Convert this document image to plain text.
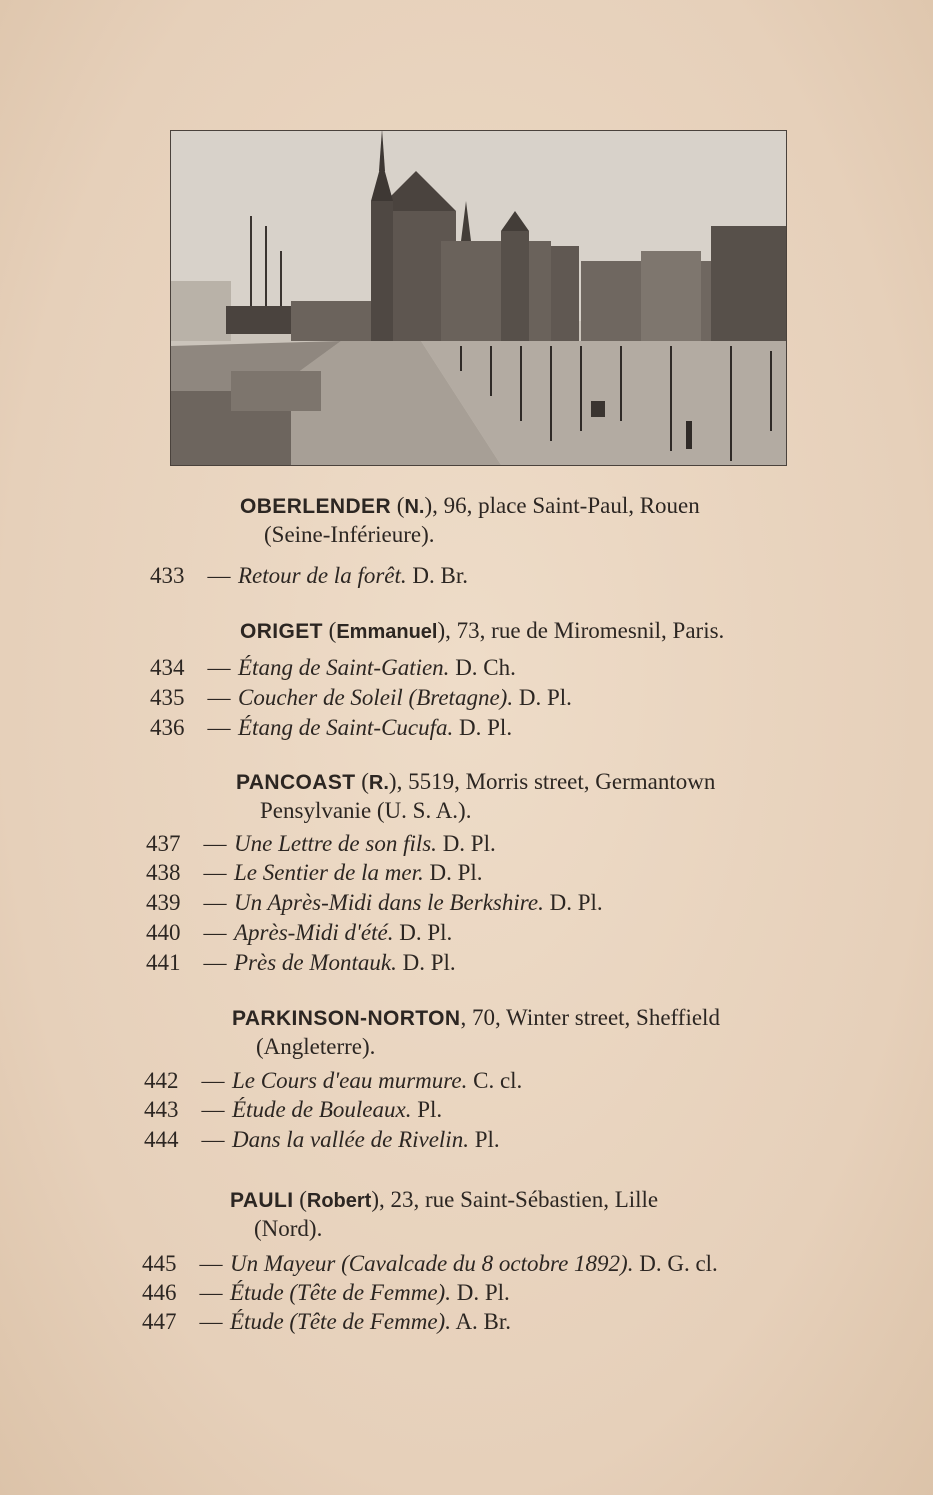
OBERLENDER (N.), 96, place Saint-Paul, Rouen
(Seine-Inférieure).
433 — Retour de la forêt. D. Br.
ORIGET (Emmanuel), 73, rue de Miromesnil, Paris.
434 — Étang de Saint-Gatien. D. Ch.
435 — Coucher de Soleil (Bretagne). D. Pl.
436 — Étang de Saint-Cucufa. D. Pl.
PANCOAST (R.), 5519, Morris street, Germantown
Pensylvanie (U. S. A.).
437 — Une Lettre de son fils. D. Pl.
438 — Le Sentier de la mer. D. Pl.
439 — Un Après-Midi dans le Berkshire. D. Pl.
440 — Après-Midi d'été. D. Pl.
441 — Près de Montauk. D. Pl.
PARKINSON-NORTON, 70, Winter street, Sheffield
(Angleterre).
442 — Le Cours d'eau murmure. C. cl.
443 — Étude de Bouleaux. Pl.
444 — Dans la vallée de Rivelin. Pl.
PAULI (Robert), 23, rue Saint-Sébastien, Lille
(Nord).
445 — Un Mayeur (Cavalcade du 8 octobre 1892). D. G. cl.
446 — Étude (Tête de Femme). D. Pl.
447 — Étude (Tête de Femme). A. Br.
